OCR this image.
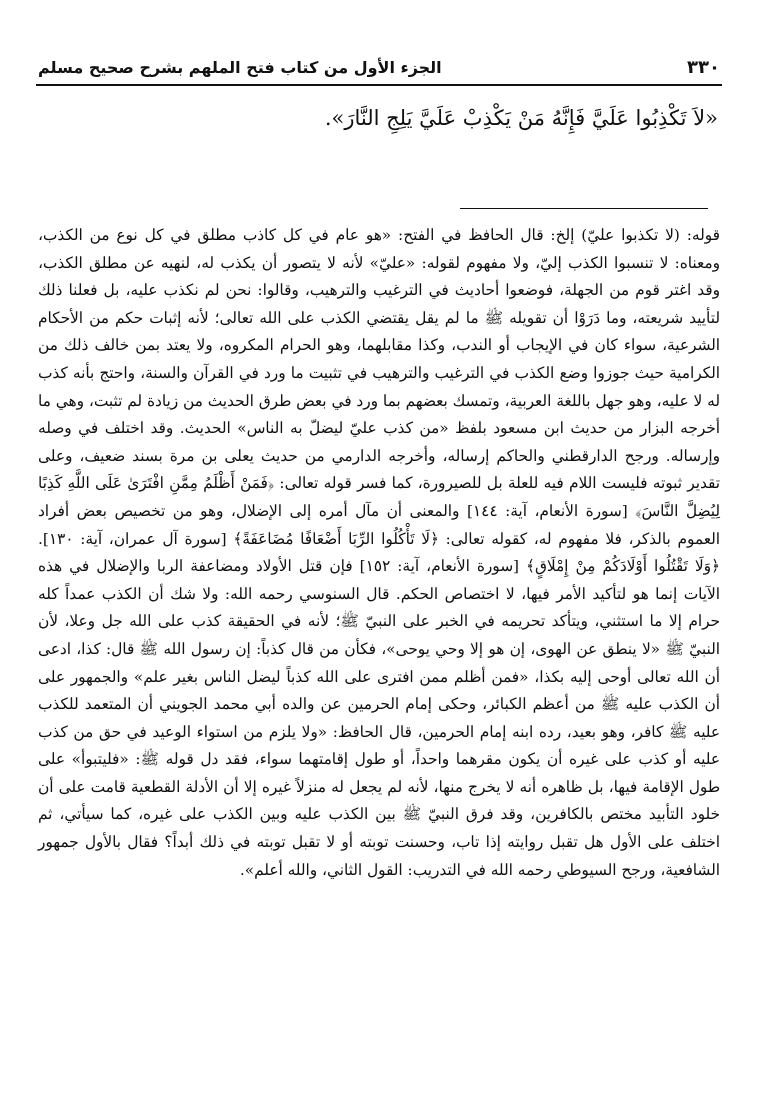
٣٣٠
الجزء الأول من كتاب فتح الملهم بشرح صحيح مسلم
«لاَ تَكْذِبُوا عَلَيَّ فَإِنَّهُ مَنْ يَكْذِبْ عَلَيَّ يَلِجِ النَّارَ».

قوله: (لا تكذبوا عليّ) إلخ: قال الحافظ في الفتح: «هو عام في كل كاذب مطلق في كل نوع من الكذب، ومعناه: لا تنسبوا الكذب إليّ، ولا مفهوم لقوله: «عليّ» لأنه لا يتصور أن يكذب له، لنهيه عن مطلق الكذب، وقد اغتر قوم من الجهلة، فوضعوا أحاديث في الترغيب والترهيب، وقالوا: نحن لم نكذب عليه، بل فعلنا ذلك لتأييد شريعته، وما دَرَوْا أن تقويله ﷺ ما لم يقل يقتضي الكذب على الله تعالى؛ لأنه إثبات حكم من الأحكام الشرعية، سواء كان في الإيجاب أو الندب، وكذا مقابلهما، وهو الحرام المكروه، ولا يعتد بمن خالف ذلك من الكرامية حيث جوزوا وضع الكذب في الترغيب والترهيب في تثبيت ما ورد في القرآن والسنة، واحتج بأنه كذب له لا عليه، وهو جهل باللغة العربية، وتمسك بعضهم بما ورد في بعض طرق الحديث من زيادة لم تثبت، وهي ما أخرجه البزار من حديث ابن مسعود بلفظ «من كذب عليّ ليضلّ به الناس» الحديث. وقد اختلف في وصله وإرساله. ورجح الدارقطني والحاكم إرساله، وأخرجه الدارمي من حديث يعلى بن مرة بسند ضعيف، وعلى تقدير ثبوته فليست اللام فيه للعلة بل للصيرورة، كما فسر قوله تعالى: ﴿فَمَنْ أَظْلَمُ مِمَّنِ افْتَرَىٰ عَلَى اللَّهِ كَذِبًا لِيُضِلَّ النَّاسَ﴾ [سورة الأنعام، آية: ١٤٤] والمعنى أن مآل أمره إلى الإضلال، وهو من تخصيص بعض أفراد العموم بالذكر، فلا مفهوم له، كقوله تعالى: ﴿لَا تَأْكُلُوا الرِّبَا أَضْعَافًا مُضَاعَفَةً﴾ [سورة آل عمران، آية: ١٣٠]. ﴿وَلَا تَقْتُلُوا أَوْلَادَكُمْ مِنْ إِمْلَاقٍ﴾ [سورة الأنعام، آية: ١٥٢] فإن قتل الأولاد ومضاعفة الربا والإضلال في هذه الآيات إنما هو لتأكيد الأمر فيها، لا اختصاص الحكم. قال السنوسي رحمه الله: ولا شك أن الكذب عمداً كله حرام إلا ما استثني، ويتأكد تحريمه في الخبر على النبيّ ﷺ؛ لأنه في الحقيقة كذب على الله جل وعلا، لأن النبيّ ﷺ «لا ينطق عن الهوى، إن هو إلا وحي يوحى»، فكأن من قال كذباً: إن رسول الله ﷺ قال: كذا، ادعى أن الله تعالى أوحى إليه بكذا، «فمن أظلم ممن افترى على الله كذباً ليضل الناس بغير علم» والجمهور على أن الكذب عليه ﷺ من أعظم الكبائر، وحكى إمام الحرمين عن والده أبي محمد الجويني أن المتعمد للكذب عليه ﷺ كافر، وهو بعيد، رده ابنه إمام الحرمين، قال الحافظ: «ولا يلزم من استواء الوعيد في حق من كذب عليه أو كذب على غيره أن يكون مقرهما واحداً، أو طول إقامتهما سواء، فقد دل قوله ﷺ: «فليتبوأ» على طول الإقامة فيها، بل ظاهره أنه لا يخرج منها، لأنه لم يجعل له منزلاً غيره إلا أن الأدلة القطعية قامت على أن خلود التأبيد مختص بالكافرين، وقد فرق النبيّ ﷺ بين الكذب عليه وبين الكذب على غيره، كما سيأتي، ثم اختلف على الأول هل تقبل روايته إذا تاب، وحسنت توبته أو لا تقبل توبته في ذلك أبداً؟ فقال بالأول جمهور الشافعية، ورجح السيوطي رحمه الله في التدريب: القول الثاني، والله أعلم».
